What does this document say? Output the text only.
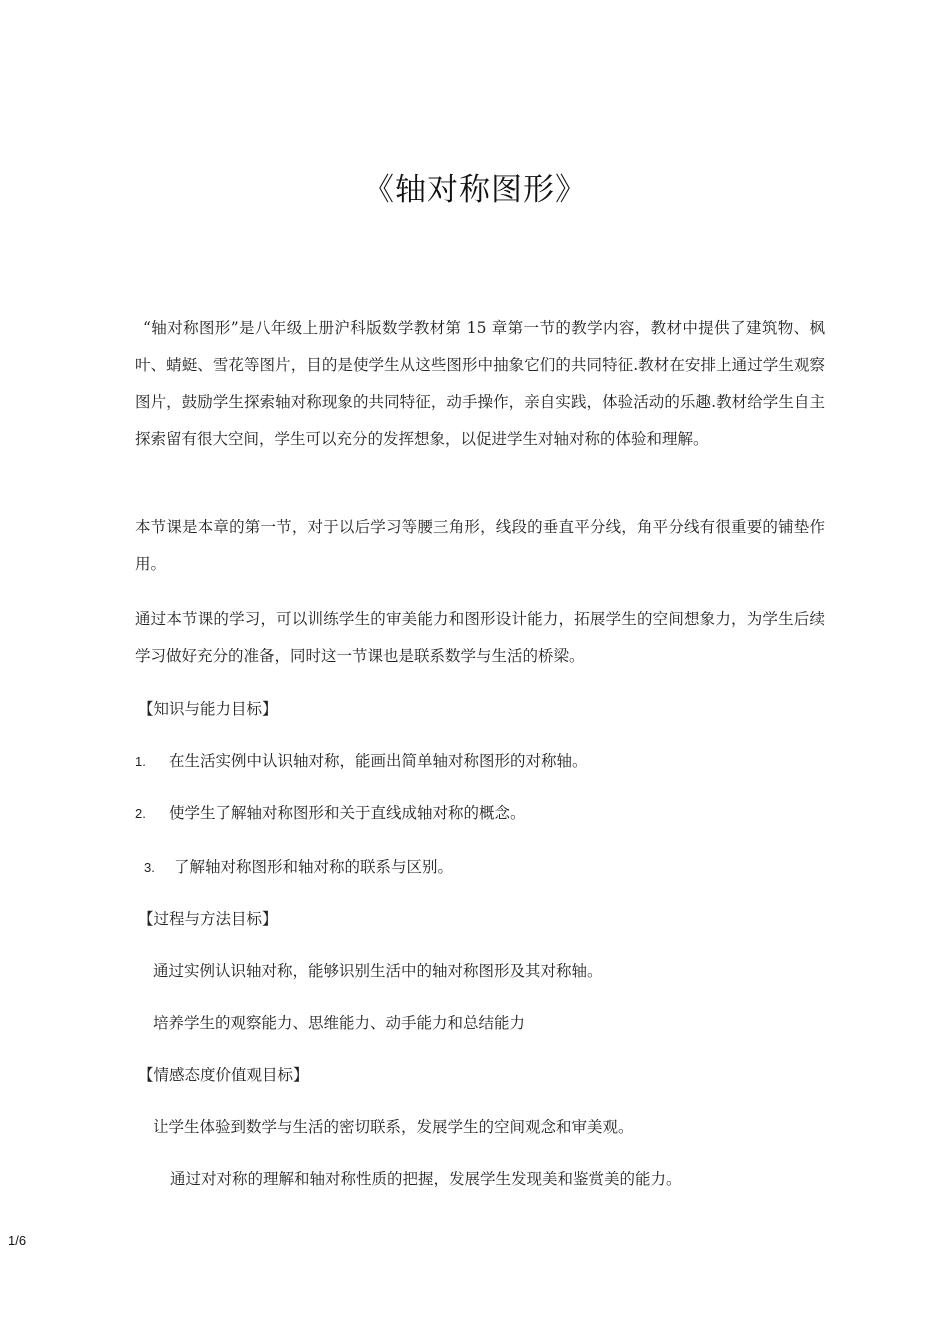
《轴对称图形》

“轴对称图形”是八年级上册沪科版数学教材第 15 章第一节的教学内容，教材中提供了建筑物、枫叶、蜻蜓、雪花等图片，目的是使学生从这些图形中抽象它们的共同特征.教材在安排上通过学生观察图片，鼓励学生探索轴对称现象的共同特征，动手操作，亲自实践，体验活动的乐趣.教材给学生自主探索留有很大空间，学生可以充分的发挥想象，以促进学生对轴对称的体验和理解。

本节课是本章的第一节，对于以后学习等腰三角形，线段的垂直平分线，角平分线有很重要的铺垫作用。

通过本节课的学习，可以训练学生的审美能力和图形设计能力，拓展学生的空间想象力，为学生后续学习做好充分的准备，同时这一节课也是联系数学与生活的桥梁。

【知识与能力目标】
1. 在生活实例中认识轴对称，能画出简单轴对称图形的对称轴。
2. 使学生了解轴对称图形和关于直线成轴对称的概念。
3. 了解轴对称图形和轴对称的联系与区别。
【过程与方法目标】
通过实例认识轴对称，能够识别生活中的轴对称图形及其对称轴。
培养学生的观察能力、思维能力、动手能力和总结能力
【情感态度价值观目标】
让学生体验到数学与生活的密切联系，发展学生的空间观念和审美观。
通过对对称的理解和轴对称性质的把握，发展学生发现美和鉴赏美的能力。
1/6
